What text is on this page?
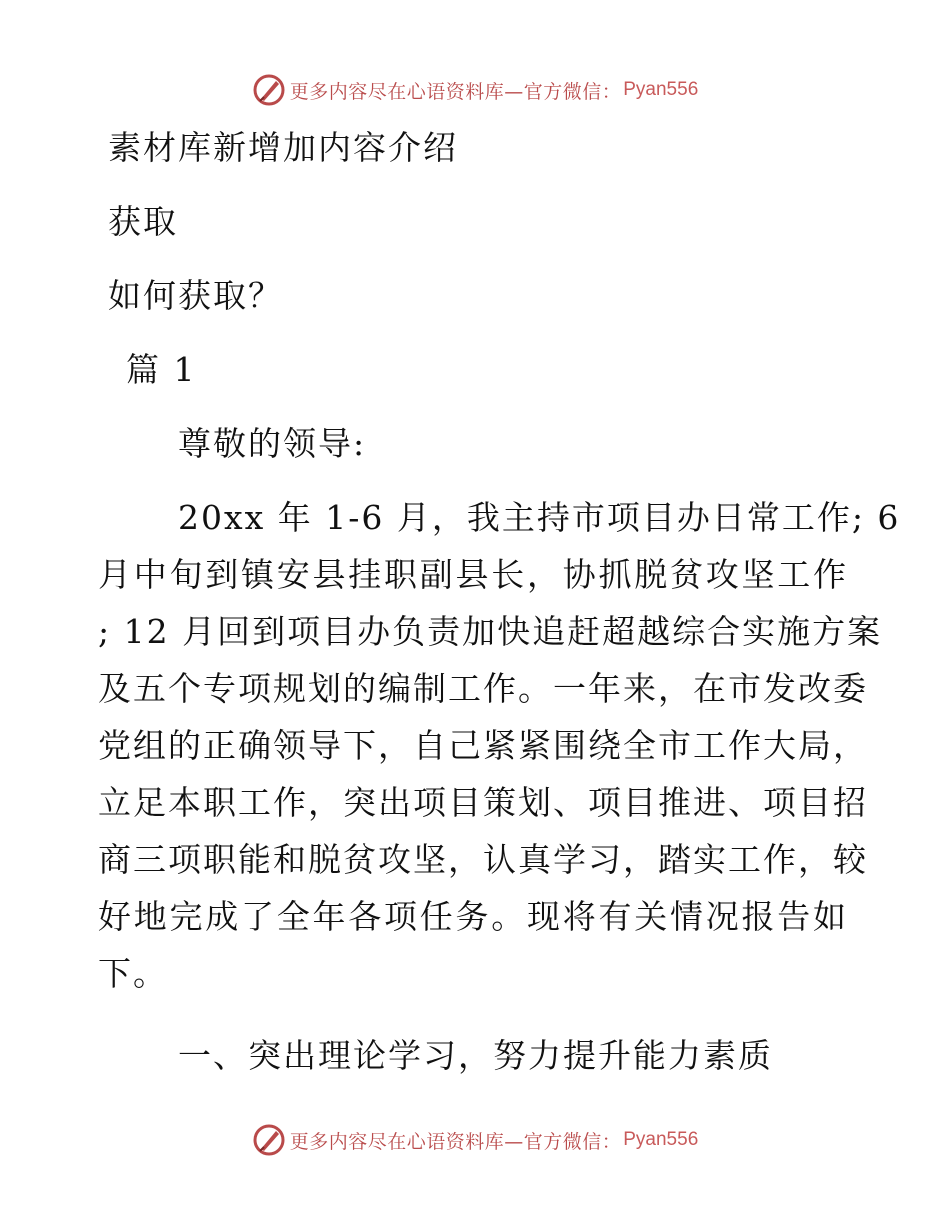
更多内容尽在心语资料库—官方微信： Pyan556
素材库新增加内容介绍
获取
如何获取？
篇 1
尊敬的领导:
20xx 年 1-6 月，我主持市项目办日常工作; 6
月中旬到镇安县挂职副县长，协抓脱贫攻坚工作
; 12 月回到项目办负责加快追赶超越综合实施方案
及五个专项规划的编制工作。一年来，在市发改委
党组的正确领导下，自己紧紧围绕全市工作大局，
立足本职工作，突出项目策划、项目推进、项目招
商三项职能和脱贫攻坚，认真学习，踏实工作，较
好地完成了全年各项任务。现将有关情况报告如
下。
一、突出理论学习，努力提升能力素质
更多内容尽在心语资料库—官方微信： Pyan556
